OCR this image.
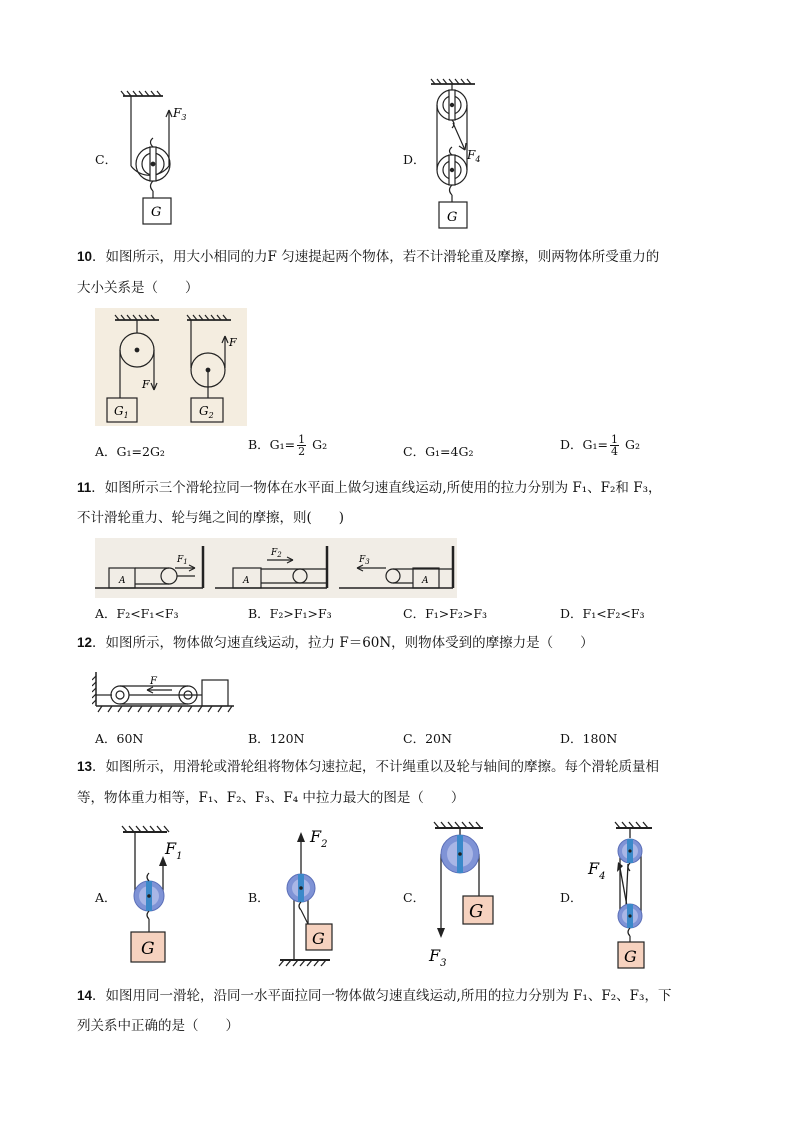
C．
$F_3$
G
D．	$F_4$
G
10．如图所示，用大小相同的力F 匀速提起两个物体，若不计滑轮重及摩擦，则两物体所受重力的
大小关系是（　　）
F
F
$G_1$	$G_2$
A．G₁=2G₂	B．$G_1= \frac{1}{2} G_2$	C．G₁=4G₂	D．$G_1= \frac{1}{4} G_2$
11．如图所示三个滑轮拉同一物体在水平面上做匀速直线运动,所使用的拉力分别为 F₁、F₂和 F₃，
不计滑轮重力、轮与绳之间的摩擦，则(　　)
A	A	A
$F_1$
$F_2$	$F_3$
A．F₂<F₁<F₃	B．F₂>F₁>F₃	C．F₁>F₂>F₃	D．F₁<F₂<F₃
12．如图所示，物体做匀速直线运动，拉力 F＝60N，则物体受到的摩擦力是（　　）
F
A．60N	B．120N	C．20N	D．180N
13．如图所示，用滑轮或滑轮组将物体匀速拉起，不计绳重以及轮与轴间的摩擦。每个滑轮质量相
等，物体重力相等，F₁、F₂、F₃、F₄ 中拉力最大的图是（　　）
A．
$F_1$
G
B．
$F_2$
G
C．
$F_3$
G
D．
$F_4$
G
14．如图用同一滑轮，沿同一水平面拉同一物体做匀速直线运动,所用的拉力分别为 F₁、F₂、F₃，下
列关系中正确的是（　　）
